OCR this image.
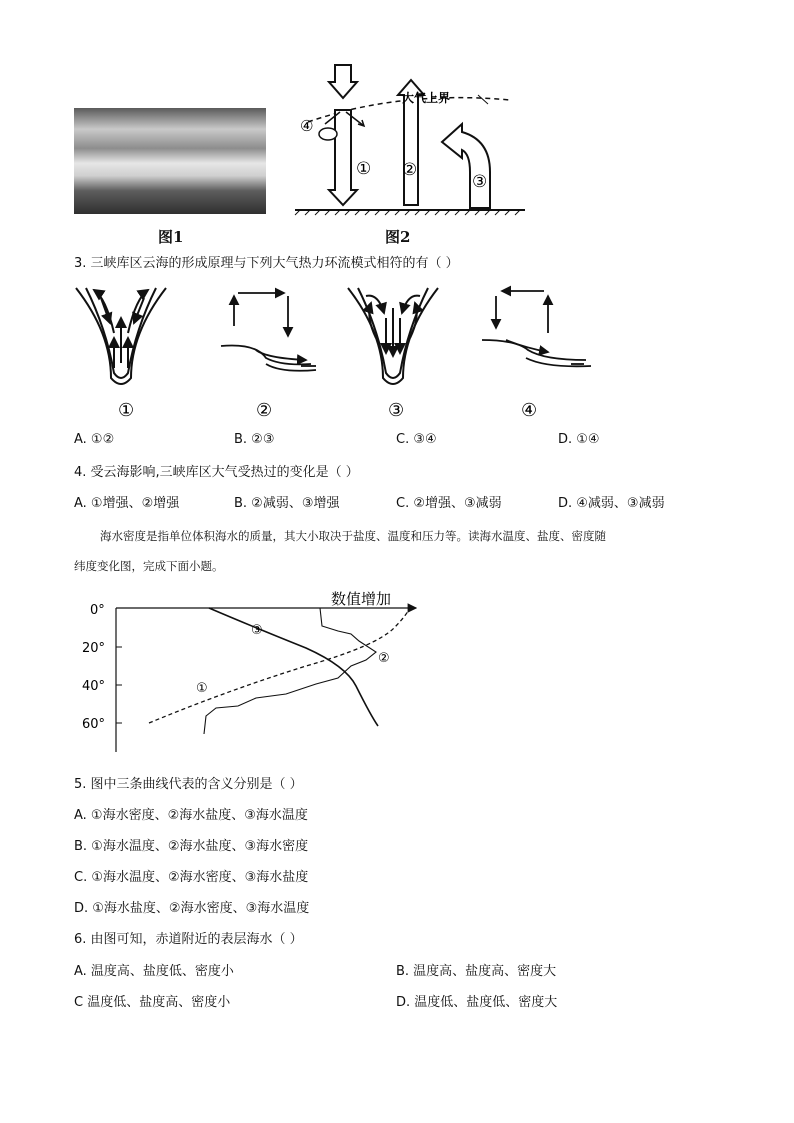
图1
大气上界
④
① ②
③
图2
3. 三峡库区云海的形成原理与下列大气热力环流模式相符的有（ ）
①	②	③	④
A. ①②	B. ②③	C. ③④	D. ①④
4. 受云海影响,三峡库区大气受热过的变化是（ ）
A. ①增强、②增强	B. ②减弱、③增强	C. ②增强、③减弱	D. ④减弱、③减弱
海水密度是指单位体积海水的质量，其大小取决于盐度、温度和压力等。读海水温度、盐度、密度随
纬度变化图，完成下面小题。
数值增加
0°
20°
40°
60°
③
②
①
5. 图中三条曲线代表的含义分别是（ ）
A. ①海水密度、②海水盐度、③海水温度
B. ①海水温度、②海水盐度、③海水密度
C. ①海水温度、②海水密度、③海水盐度
D. ①海水盐度、②海水密度、③海水温度
6. 由图可知，赤道附近的表层海水（ ）
A. 温度高、盐度低、密度小	B. 温度高、盐度高、密度大
C 温度低、盐度高、密度小	D. 温度低、盐度低、密度大
